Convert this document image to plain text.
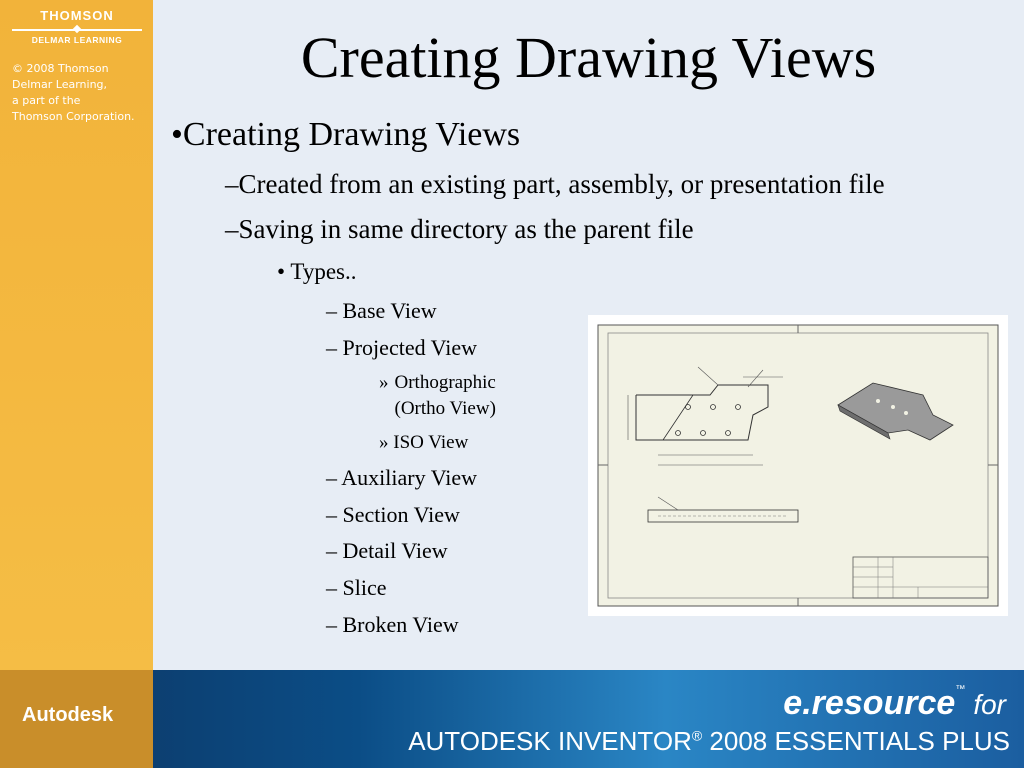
THOMSON
DELMAR LEARNING
© 2008 Thomson
Delmar Learning,
a part of the
Thomson Corporation.
Creating Drawing Views
•Creating Drawing Views
–Created from an existing part, assembly, or presentation file
–Saving in same directory as the parent file
• Types..
– Base View
– Projected View
» Orthographic (Ortho View)
» ISO View
– Auxiliary View
– Section View
– Detail View
– Slice
– Broken View
Autodesk	e.resource™ for
AUTODESK INVENTOR® 2008 ESSENTIALS PLUS
